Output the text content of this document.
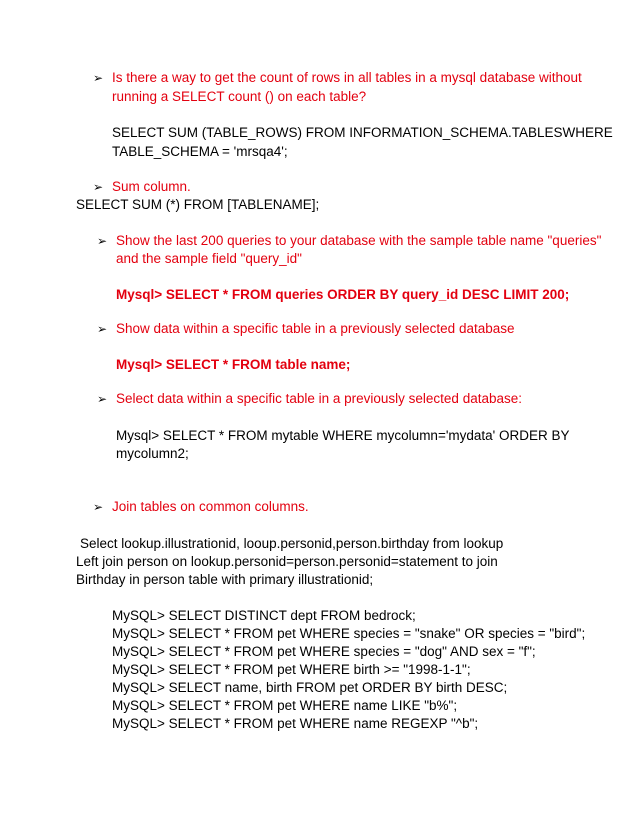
➢ Is there a way to get the count of rows in all tables in a mysql database without
running a SELECT count () on each table?
SELECT SUM (TABLE_ROWS) FROM INFORMATION_SCHEMA.TABLESWHERE
TABLE_SCHEMA = 'mrsqa4';
➢ Sum column.
SELECT SUM (*) FROM [TABLENAME];
➢ Show the last 200 queries to your database with the sample table name "queries"
and the sample field "query_id"
Mysql> SELECT * FROM queries ORDER BY query_id DESC LIMIT 200;
➢ Show data within a specific table in a previously selected database
Mysql> SELECT * FROM table name;
➢ Select data within a specific table in a previously selected database:
Mysql> SELECT * FROM mytable WHERE mycolumn='mydata' ORDER BY
mycolumn2;
➢ Join tables on common columns.
Select lookup.illustrationid, looup.personid,person.birthday from lookup
Left join person on lookup.personid=person.personid=statement to join
Birthday in person table with primary illustrationid;
MySQL> SELECT DISTINCT dept FROM bedrock;
MySQL> SELECT * FROM pet WHERE species = "snake" OR species = "bird";
MySQL> SELECT * FROM pet WHERE species = "dog" AND sex = "f";
MySQL> SELECT * FROM pet WHERE birth >= "1998-1-1";
MySQL> SELECT name, birth FROM pet ORDER BY birth DESC;
MySQL> SELECT * FROM pet WHERE name LIKE "b%";
MySQL> SELECT * FROM pet WHERE name REGEXP "^b";
